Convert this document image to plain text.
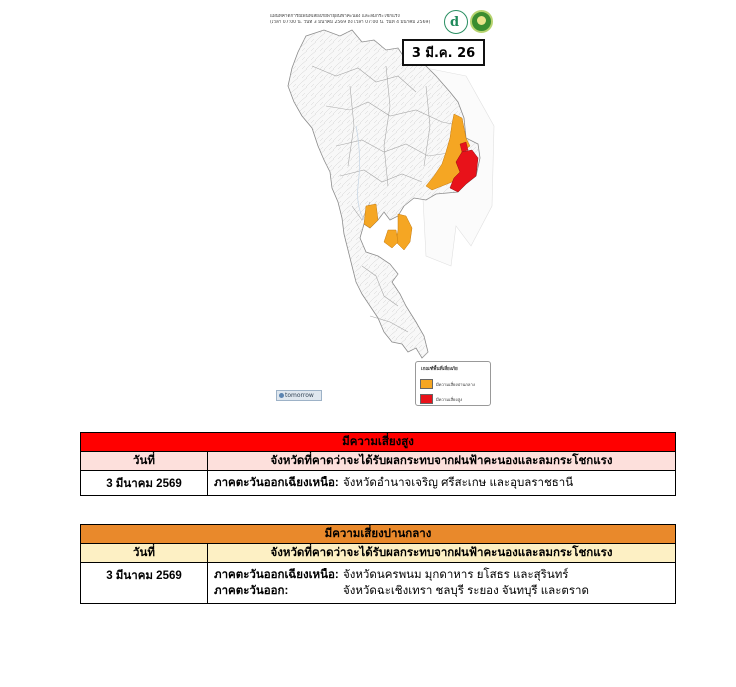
แผนที่คาดการณ์พื้นที่เสี่ยงภัยพายุฝนฟ้าคะนอง และลมกระโชกแรง
(เวลา 07:00 น. วันที่ 3 มีนาคม 2569 ถึง เวลา 07:00 น. วันที่ 4 มีนาคม 2569)	d
3 มี.ค. 26
เกณฑ์พื้นที่เสี่ยงภัย
มีความเสี่ยงปานกลาง
มีความเสี่ยงสูง
tomorrow
มีความเสี่ยงสูง	
วันที่	จังหวัดที่คาดว่าจะได้รับผลกระทบจากฝนฟ้าคะนองและลมกระโชกแรง
3 มีนาคม 2569	ภาคตะวันออกเฉียงเหนือ: จังหวัดอำนาจเจริญ ศรีสะเกษ และอุบลราชธานี
มีความเสี่ยงปานกลาง	
วันที่	จังหวัดที่คาดว่าจะได้รับผลกระทบจากฝนฟ้าคะนองและลมกระโชกแรง
3 มีนาคม 2569	ภาคตะวันออกเฉียงเหนือ: จังหวัดนครพนม มุกดาหาร ยโสธร และสุรินทร์
ภาคตะวันออก: จังหวัดฉะเชิงเทรา ชลบุรี ระยอง จันทบุรี และตราด
